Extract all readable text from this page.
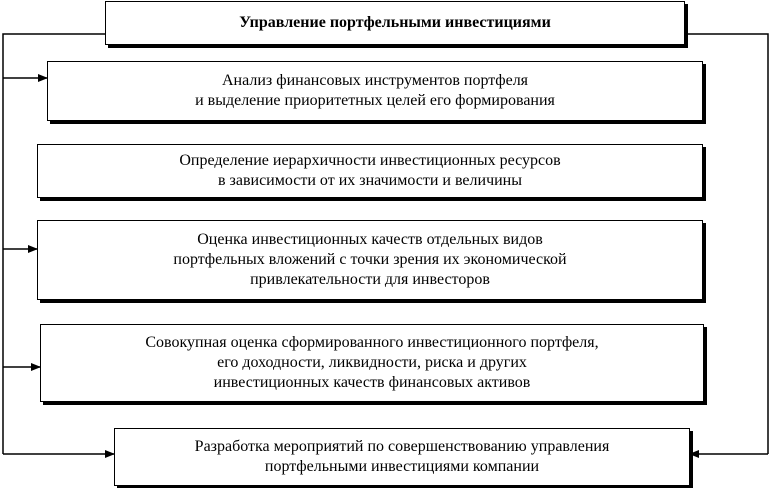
Управление портфельными инвестициями
Анализ финансовых инструментов портфеля
и выделение приоритетных целей его формирования
Определение иерархичности инвестиционных ресурсов
в зависимости от их значимости и величины
Оценка инвестиционных качеств отдельных видов
портфельных вложений с точки зрения их экономической
привлекательности для инвесторов
Совокупная оценка сформированного инвестиционного портфеля,
его доходности, ликвидности, риска и других
инвестиционных качеств финансовых активов
Разработка мероприятий по совершенствованию управления
портфельными инвестициями компании
